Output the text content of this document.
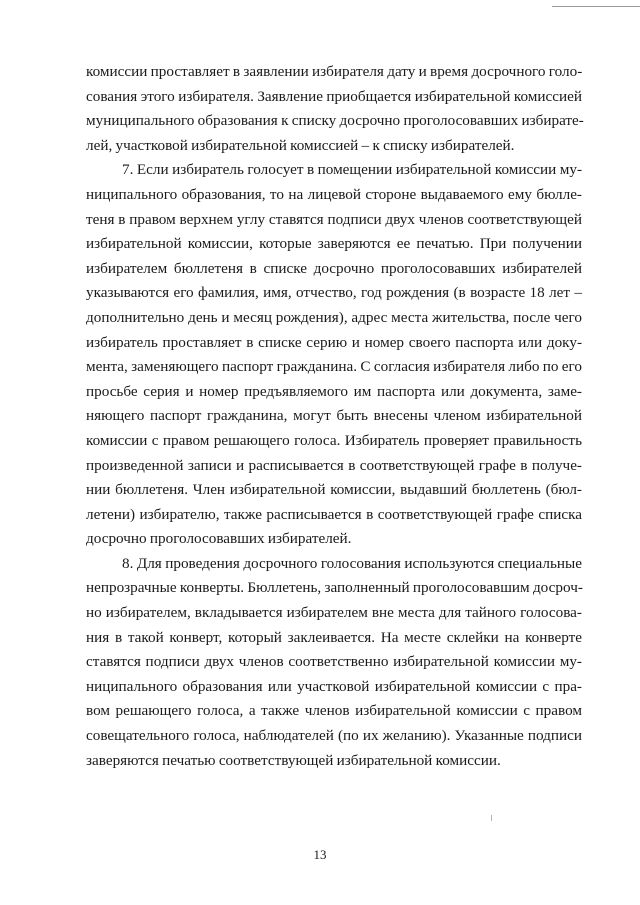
комиссии проставляет в заявлении избирателя дату и время досрочного голо-
сования этого избирателя. Заявление приобщается избирательной комиссией
муниципального образования к списку досрочно проголосовавших избирате-
лей, участковой избирательной комиссией – к списку избирателей.
7. Если избиратель голосует в помещении избирательной комиссии му-
ниципального образования, то на лицевой стороне выдаваемого ему бюлле-
теня в правом верхнем углу ставятся подписи двух членов соответствующей
избирательной комиссии, которые заверяются ее печатью. При получении
избирателем бюллетеня в списке досрочно проголосовавших избирателей
указываются его фамилия, имя, отчество, год рождения (в возрасте 18 лет –
дополнительно день и месяц рождения), адрес места жительства, после чего
избиратель проставляет в списке серию и номер своего паспорта или доку-
мента, заменяющего паспорт гражданина. С согласия избирателя либо по его
просьбе серия и номер предъявляемого им паспорта или документа, заме-
няющего паспорт гражданина, могут быть внесены членом избирательной
комиссии с правом решающего голоса. Избиратель проверяет правильность
произведенной записи и расписывается в соответствующей графе в получе-
нии бюллетеня. Член избирательной комиссии, выдавший бюллетень (бюл-
летени) избирателю, также расписывается в соответствующей графе списка
досрочно проголосовавших избирателей.
8. Для проведения досрочного голосования используются специальные
непрозрачные конверты. Бюллетень, заполненный проголосовавшим досроч-
но избирателем, вкладывается избирателем вне места для тайного голосова-
ния в такой конверт, который заклеивается. На месте склейки на конверте
ставятся подписи двух членов соответственно избирательной комиссии му-
ниципального образования или участковой избирательной комиссии с пра-
вом решающего голоса, а также членов избирательной комиссии с правом
совещательного голоса, наблюдателей (по их желанию). Указанные подписи
заверяются печатью соответствующей избирательной комиссии.
13
